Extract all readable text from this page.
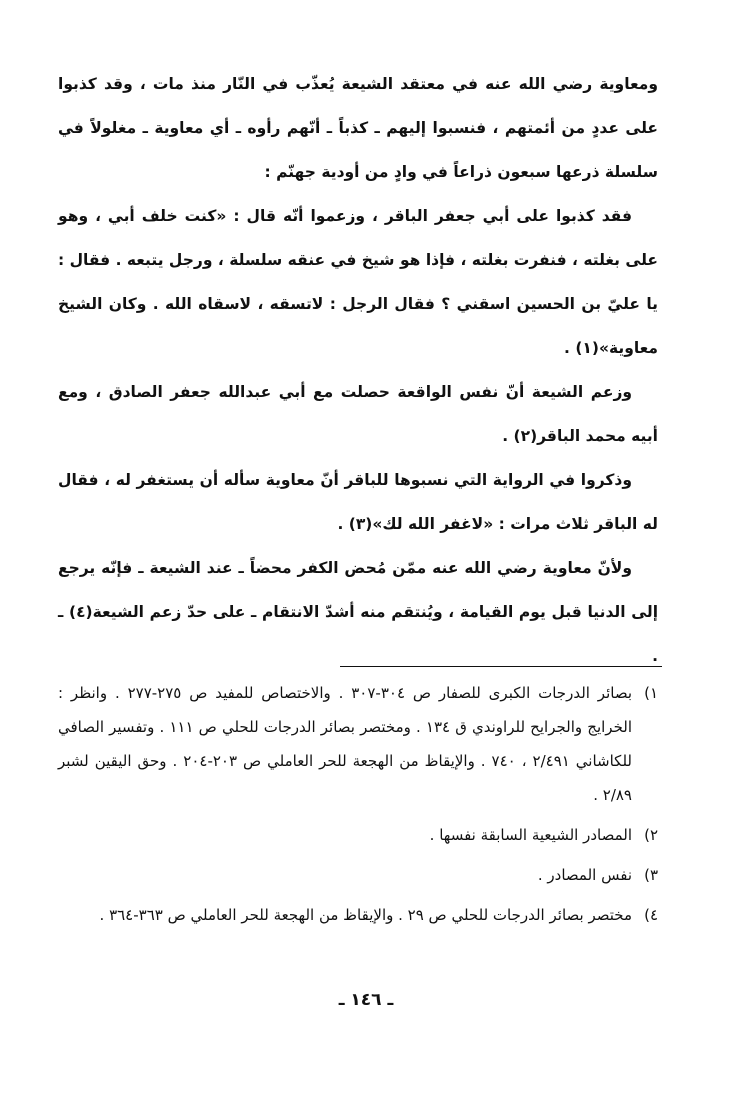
ومعاوية رضي الله عنه في معتقد الشيعة يُعذّب في النّار منذ مات ، وقد كذبوا على عددٍ من أئمتهم ، فنسبوا إليهم ـ كذباً ـ أنّهم رأوه ـ أي معاوية ـ مغلولاً في سلسلة ذرعها سبعون ذراعاً في وادٍ من أودية جهنّم :

فقد كذبوا على أبي جعفر الباقر ، وزعموا أنّه قال : «كنت خلف أبي ، وهو على بغلته ، فنفرت بغلته ، فإذا هو شيخ في عنقه سلسلة ، ورجل يتبعه . فقال : يا عليّ بن الحسين اسقني ؟ فقال الرجل : لاتسقه ، لاسقاه الله . وكان الشيخ معاوية»(١) .

وزعم الشيعة أنّ نفس الواقعة حصلت مع أبي عبدالله جعفر الصادق ، ومع أبيه محمد الباقر(٢) .

وذكروا في الرواية التي نسبوها للباقر أنّ معاوية سأله أن يستغفر له ، فقال له الباقر ثلاث مرات : «لاغفر الله لك»(٣) .

ولأنّ معاوية رضي الله عنه ممّن مُحض الكفر محضاً ـ عند الشيعة ـ فإنّه يرجع إلى الدنيا قبل يوم القيامة ، ويُنتقم منه أشدّ الانتقام ـ على حدّ زعم الشيعة(٤) ـ .

١)
بصائر الدرجات الكبرى للصفار ص ٣٠٤-٣٠٧ . والاختصاص للمفيد ص ٢٧٥-٢٧٧ . وانظر : الخرايج والجرايح للراوندي ق ١٣٤ . ومختصر بصائر الدرجات للحلي ص ١١١ . وتفسير الصافي للكاشاني ٢/٤٩١ ، ٧٤٠ . والإيقاظ من الهجعة للحر العاملي ص ٢٠٣-٢٠٤ . وحق اليقين لشبر ٢/٨٩ .
٢)
المصادر الشيعية السابقة نفسها .
٣)
نفس المصادر .
٤)
مختصر بصائر الدرجات للحلي ص ٢٩ . والإيقاظ من الهجعة للحر العاملي ص ٣٦٣-٣٦٤ .
ـ ١٤٦ ـ
